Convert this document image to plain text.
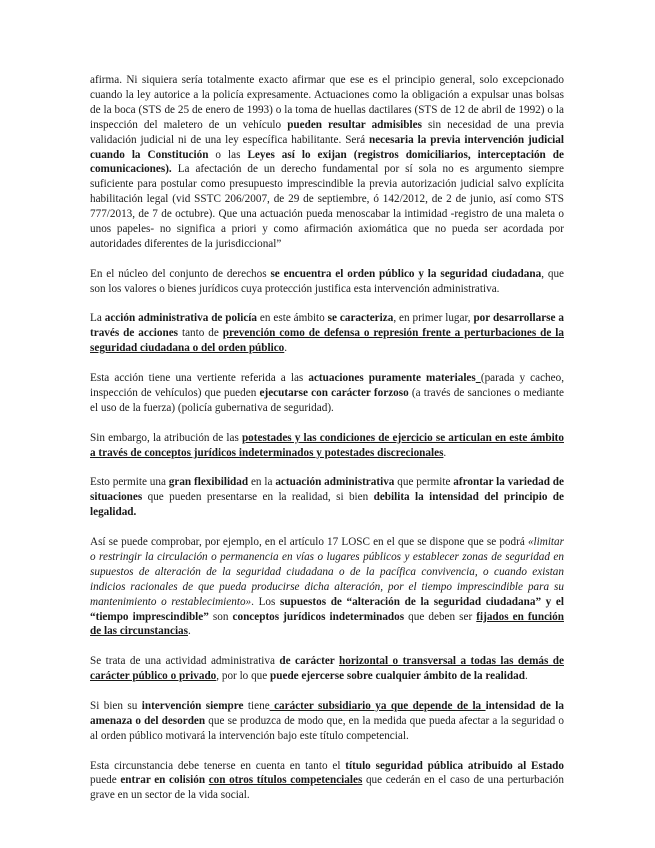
afirma. Ni siquiera sería totalmente exacto afirmar que ese es el principio general, solo excepcionado cuando la ley autorice a la policía expresamente. Actuaciones como la obligación a expulsar unas bolsas de la boca (STS de 25 de enero de 1993) o la toma de huellas dactilares (STS de 12 de abril de 1992) o la inspección del maletero de un vehículo pueden resultar admisibles sin necesidad de una previa validación judicial ni de una ley específica habilitante. Será necesaria la previa intervención judicial cuando la Constitución o las Leyes así lo exijan (registros domiciliarios, interceptación de comunicaciones). La afectación de un derecho fundamental por sí sola no es argumento siempre suficiente para postular como presupuesto imprescindible la previa autorización judicial salvo explícita habilitación legal (vid SSTC 206/2007, de 29 de septiembre, ó 142/2012, de 2 de junio, así como STS 777/2013, de 7 de octubre). Que una actuación pueda menoscabar la intimidad -registro de una maleta o unos papeles- no significa a priori y como afirmación axiomática que no pueda ser acordada por autoridades diferentes de la jurisdiccional”

En el núcleo del conjunto de derechos se encuentra el orden público y la seguridad ciudadana, que son los valores o bienes jurídicos cuya protección justifica esta intervención administrativa.

La acción administrativa de policía en este ámbito se caracteriza, en primer lugar, por desarrollarse a través de acciones tanto de prevención como de defensa o represión frente a perturbaciones de la seguridad ciudadana o del orden público.

Esta acción tiene una vertiente referida a las actuaciones puramente materiales (parada y cacheo, inspección de vehículos) que pueden ejecutarse con carácter forzoso (a través de sanciones o mediante el uso de la fuerza) (policía gubernativa de seguridad).

Sin embargo, la atribución de las potestades y las condiciones de ejercicio se articulan en este ámbito a través de conceptos jurídicos indeterminados y potestades discrecionales.

Esto permite una gran flexibilidad en la actuación administrativa que permite afrontar la variedad de situaciones que pueden presentarse en la realidad, si bien debilita la intensidad del principio de legalidad.

Así se puede comprobar, por ejemplo, en el artículo 17 LOSC en el que se dispone que se podrá «limitar o restringir la circulación o permanencia en vías o lugares públicos y establecer zonas de seguridad en supuestos de alteración de la seguridad ciudadana o de la pacífica convivencia, o cuando existan indicios racionales de que pueda producirse dicha alteración, por el tiempo imprescindible para su mantenimiento o restablecimiento». Los supuestos de “alteración de la seguridad ciudadana” y el “tiempo imprescindible” son conceptos jurídicos indeterminados que deben ser fijados en función de las circunstancias.

Se trata de una actividad administrativa de carácter horizontal o transversal a todas las demás de carácter público o privado, por lo que puede ejercerse sobre cualquier ámbito de la realidad.

Si bien su intervención siempre tiene carácter subsidiario ya que depende de la intensidad de la amenaza o del desorden que se produzca de modo que, en la medida que pueda afectar a la seguridad o al orden público motivará la intervención bajo este título competencial.

Esta circunstancia debe tenerse en cuenta en tanto el título seguridad pública atribuido al Estado puede entrar en colisión con otros títulos competenciales que cederán en el caso de una perturbación grave en un sector de la vida social.
